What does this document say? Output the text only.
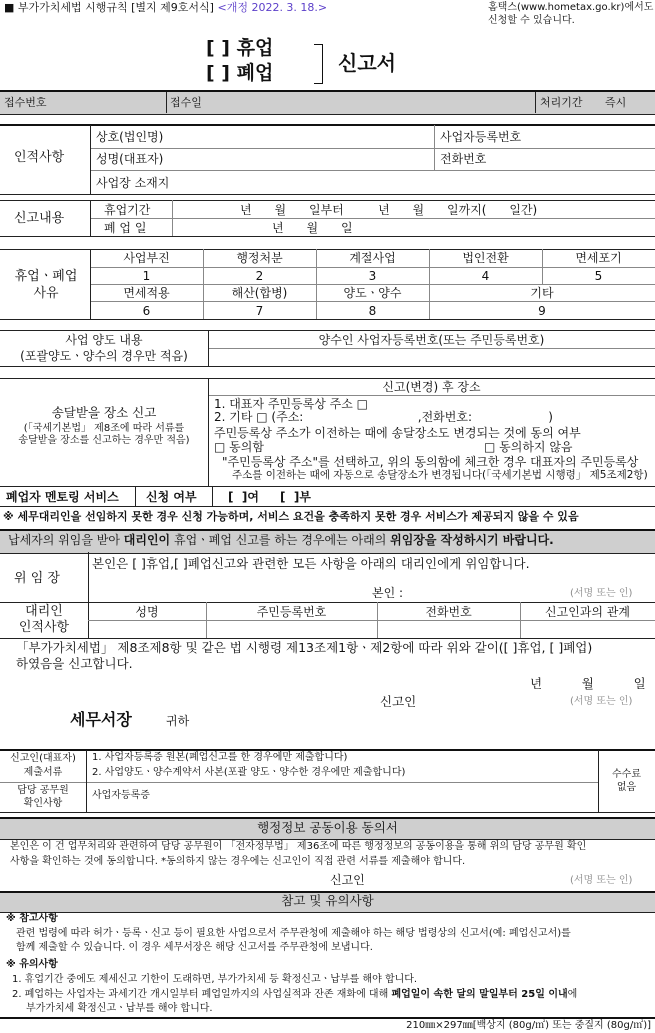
■ 부가가치세법 시행규칙 [별지 제9호서식] <개정 2022. 3. 18.>	홈택스(www.hometax.go.kr)에서도
신청할 수 있습니다.
[ ] 휴업
[ ] 폐업	신고서
접수번호	접수일	처리기간 즉시
인적사항
상호(법인명)	사업자등록번호
성명(대표자)	전화번호
사업장 소재지
신고내용
휴업기간	년      월      일부터         년      월      일까지(      일간)
폐 업 일	년      월      일
휴업ㆍ폐업
사유
사업부진	행정처분	계절사업	법인전환	면세포기
1	2	3	4	5
면세적용	해산(합병)	양도ㆍ양수	기타
6	7	8	9
사업 양도 내용
(포괄양도ㆍ양수의 경우만 적음)
양수인 사업자등록번호(또는 주민등록번호)
송달받을 장소 신고
(「국세기본법」 제8조에 따라 서류를
송달받을 장소를 신고하는 경우만 적음)
신고(변경) 후 장소
1. 대표자 주민등록상 주소 □
2. 기타 □ (주소:                              ,전화번호:                    )
주민등록상 주소가 이전하는 때에 송달장소도 변경되는 것에 동의 여부
□ 동의함	□ 동의하지 않음
"주민등록상 주소"를 선택하고, 위의 동의함에 체크한 경우 대표자의 주민등록상
주소를 이전하는 때에 자동으로 송달장소가 변경됩니다(「국세기본법 시행령」 제5조제2항)
폐업자 멘토링 서비스 신청 여부	[  ]여 [  ]부
※ 세무대리인을 선임하지 못한 경우 신청 가능하며, 서비스 요건을 충족하지 못한 경우 서비스가 제공되지 않을 수 있음
납세자의 위임을 받아 대리인이 휴업ㆍ폐업 신고를 하는 경우에는 아래의 위임장을 작성하시기 바랍니다.
위 임 장
본인은 [ ]휴업,[ ]폐업신고와 관련한 모든 사항을 아래의 대리인에게 위임합니다.
본인 :	(서명 또는 인)
대리인
인적사항
성명	주민등록번호	전화번호	신고인과의 관계
「부가가치세법」 제8조제8항 및 같은 법 시행령 제13조제1항ㆍ제2항에 따라 위와 같이([ ]휴업, [ ]폐업)
하였음을 신고합니다.
년          월          일
신고인	(서명 또는 인)
세무서장	귀하
신고인(대표자)
제출서류
1. 사업자등록증 원본(폐업신고를 한 경우에만 제출합니다)
2. 사업양도ㆍ양수계약서 사본(포괄 양도ㆍ양수한 경우에만 제출합니다)
담당 공무원
확인사항
사업자등록증
수수료
없음
행정정보 공동이용 동의서
본인은 이 건 업무처리와 관련하여 담당 공무원이 「전자정부법」 제36조에 따른 행정정보의 공동이용을 통해 위의 담당 공무원 확인
사항을 확인하는 것에 동의합니다. *동의하지 않는 경우에는 신고인이 직접 관련 서류를 제출해야 합니다.
신고인	(서명 또는 인)
참고 및 유의사항
※ 참고사항
관련 법령에 따라 허가ㆍ등록ㆍ신고 등이 필요한 사업으로서 주무관청에 제출해야 하는 해당 법령상의 신고서(예: 폐업신고서)를
함께 제출할 수 있습니다. 이 경우 세무서장은 해당 신고서를 주무관청에 보냅니다.
※ 유의사항
1. 휴업기간 중에도 제세신고 기한이 도래하면, 부가가치세 등 확정신고ㆍ납부를 해야 합니다.
2. 폐업하는 사업자는 과세기간 개시일부터 폐업일까지의 사업실적과 잔존 재화에 대해 폐업일이 속한 달의 말일부터 25일 이내에
부가가치세 확정신고ㆍ납부를 해야 합니다.
210㎜×297㎜[백상지 (80g/㎡) 또는 중질지 (80g/㎡)]
